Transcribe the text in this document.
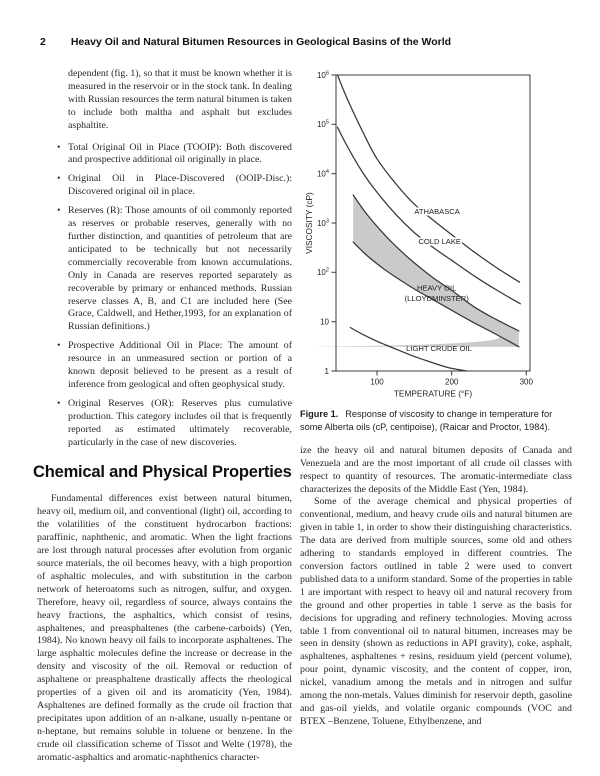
2 Heavy Oil and Natural Bitumen Resources in Geological Basins of the World

dependent (fig. 1), so that it must be known whether it is measured in the reservoir or in the stock tank. In dealing with Russian resources the term natural bitumen is taken to include both maltha and asphalt but excludes asphaltite.

• Total Original Oil in Place (TOOIP): Both discovered and prospective additional oil originally in place.
• Original Oil in Place-Discovered (OOIP-Disc.): Discovered original oil in place.
• Reserves (R): Those amounts of oil commonly reported as reserves or probable reserves, generally with no further distinction, and quantities of petroleum that are anticipated to be technically but not necessarily commercially recoverable from known accumulations. Only in Canada are reserves reported separately as recoverable by primary or enhanced methods. Russian reserve classes A, B, and C1 are included here (See Grace, Caldwell, and Hether,1993, for an explanation of Russian definitions.)
• Prospective Additional Oil in Place: The amount of resource in an unmeasured section or portion of a known deposit believed to be present as a result of inference from geological and often geophysical study.
• Original Reserves (OR): Reserves plus cumulative production. This category includes oil that is frequently reported as estimated ultimately recoverable, particularly in the case of new discoveries.
Chemical and Physical Properties

Fundamental differences exist between natural bitumen, heavy oil, medium oil, and conventional (light) oil, according to the volatilities of the constituent hydrocarbon fractions: paraffinic, naphthenic, and aromatic. When the light fractions are lost through natural processes after evolution from organic source materials, the oil becomes heavy, with a high proportion of asphaltic molecules, and with substitution in the carbon network of heteroatoms such as nitrogen, sulfur, and oxygen. Therefore, heavy oil, regardless of source, always contains the heavy fractions, the asphaltics, which consist of resins, asphaltenes, and preasphaltenes (the carbene-carboids) (Yen, 1984). No known heavy oil fails to incorporate asphaltenes. The large asphaltic molecules define the increase or decrease in the density and viscosity of the oil. Removal or reduction of asphaltene or preasphaltene drastically affects the rheological properties of a given oil and its aromaticity (Yen, 1984). Asphaltenes are defined formally as the crude oil fraction that precipitates upon addition of an n-alkane, usually n-pentane or n-heptane, but remains soluble in toluene or benzene. In the crude oil classification scheme of Tissot and Welte (1978), the aromatic-asphaltics and aromatic-naphthenics character-

ATHABASCA
COLD LAKE
HEAVY OIL
(LLOYDMINSTER)
LIGHT CRUDE OIL
100	200	300
TEMPERATURE (°F)
$10^6$
$10^5$
$10^4$
$10^3$
$10^2$
10
1
VISCOSITY (cP)
Figure 1. Response of viscosity to change in temperature for some Alberta oils (cP, centipoise), (Raicar and Proctor, 1984).

ize the heavy oil and natural bitumen deposits of Canada and Venezuela and are the most important of all crude oil classes with respect to quantity of resources. The aromatic-intermediate class characterizes the deposits of the Middle East (Yen, 1984).

Some of the average chemical and physical properties of conventional, medium, and heavy crude oils and natural bitumen are given in table 1, in order to show their distinguishing characteristics. The data are derived from multiple sources, some old and others adhering to standards employed in different countries. The conversion factors outlined in table 2 were used to convert published data to a uniform standard. Some of the properties in table 1 are important with respect to heavy oil and natural recovery from the ground and other properties in table 1 serve as the basis for decisions for upgrading and refinery technologies. Moving across table 1 from conventional oil to natural bitumen, increases may be seen in density (shown as reductions in API gravity), coke, asphalt, asphaltenes, asphaltenes + resins, residuum yield (percent volume), pour point, dynamic viscosity, and the content of copper, iron, nickel, vanadium among the metals and in nitrogen and sulfur among the non-metals. Values diminish for reservoir depth, gasoline and gas-oil yields, and volatile organic compounds (VOC and BTEX –Benzene, Toluene, Ethylbenzene, and
